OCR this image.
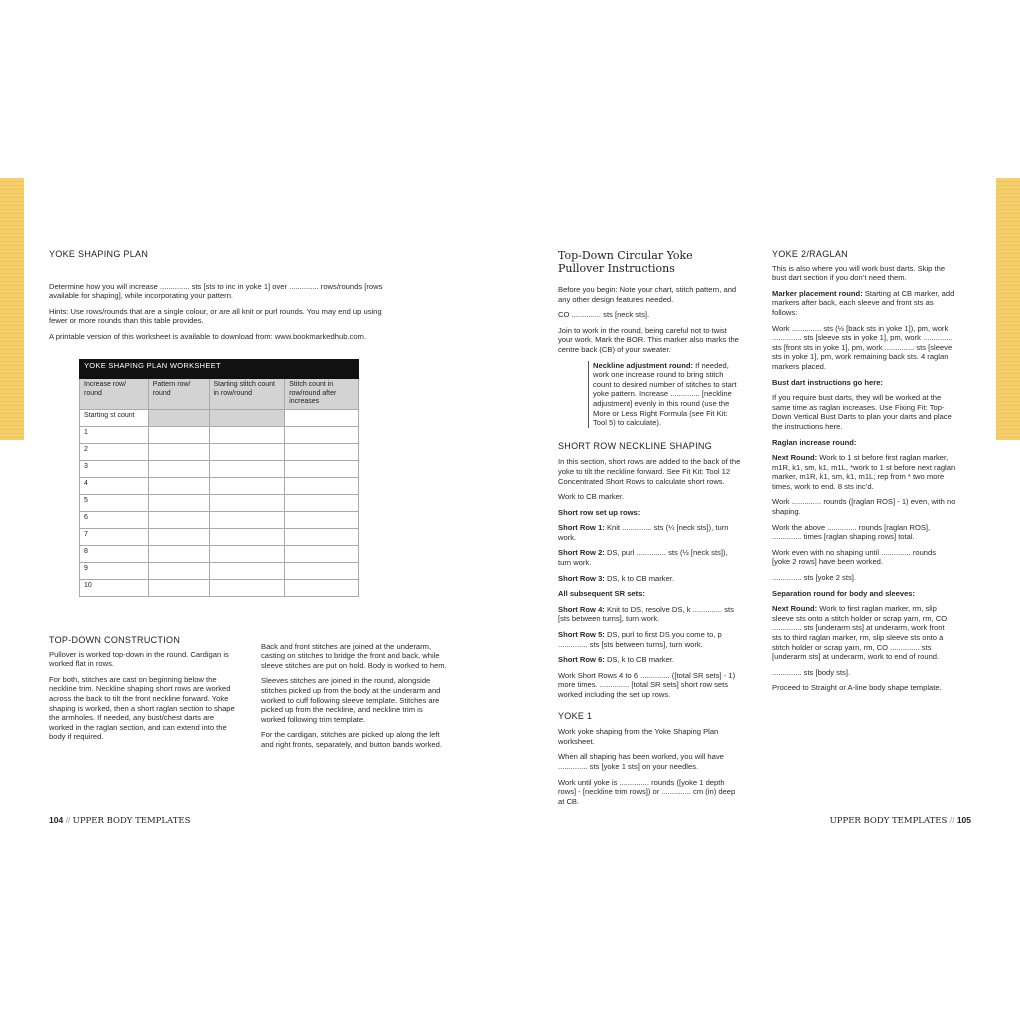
YOKE SHAPING PLAN

Determine how you will increase .............. sts [sts to inc in yoke 1] over .............. rows/rounds [rows available for shaping], while incorporating your pattern.

Hints: Use rows/rounds that are a single colour, or are all knit or purl rounds. You may end up using fewer or more rounds than this table provides.

A printable version of this worksheet is available to download from: www.bookmarkedhub.com.

YOKE SHAPING PLAN WORKSHEET			
Increase row/ round	Pattern row/ round	Starting stitch count in row/round	Stitch count in row/round after increases
Starting st count			
1			
2			
3			
4			
5			
6			
7			
8			
9			
10			
TOP-DOWN CONSTRUCTION

Pullover is worked top-down in the round. Cardigan is worked flat in rows.

For both, stitches are cast on beginning below the neckline trim. Neckline shaping short rows are worked across the back to tilt the front neckline forward. Yoke shaping is worked, then a short raglan section to shape the armholes. If needed, any bust/chest darts are worked in the raglan section, and can extend into the body if required.

Back and front stitches are joined at the underarm, casting on stitches to bridge the front and back, while sleeve stitches are put on hold. Body is worked to hem.

Sleeves stitches are joined in the round, alongside stitches picked up from the body at the underarm and worked to cuff following sleeve template. Stitches are picked up from the neckline, and neckline trim is worked following trim template.

For the cardigan, stitches are picked up along the left and right fronts, separately, and button bands worked.

104 // UPPER BODY TEMPLATES
Top-Down Circular Yoke Pullover Instructions

Before you begin: Note your chart, stitch pattern, and any other design features needed.

CO .............. sts [neck sts].

Join to work in the round, being careful not to twist your work. Mark the BOR. This marker also marks the centre back (CB) of your sweater.

Neckline adjustment round: If needed, work one increase round to bring stitch count to desired number of stitches to start yoke pattern. Increase .............. [neckline adjustment] evenly in this round (use the More or Less Right Formula (see Fit Kit: Tool 5) to calculate).

SHORT ROW NECKLINE SHAPING

In this section, short rows are added to the back of the yoke to tilt the neckline forward. See Fit Kit: Tool 12 Concentrated Short Rows to calculate short rows.

Work to CB marker.

Short row set up rows:

Short Row 1: Knit .............. sts (¼ [neck sts]), turn work.

Short Row 2: DS, purl .............. sts (½ [neck sts]), turn work.

Short Row 3: DS, k to CB marker.

All subsequent SR sets:

Short Row 4: Knit to DS, resolve DS, k .............. sts [sts between turns], turn work.

Short Row 5: DS, purl to first DS you come to, p .............. sts [sts between turns], turn work.

Short Row 6: DS, k to CB marker.

Work Short Rows 4 to 6 .............. ([total SR sets] - 1) more times. .............. [total SR sets] short row sets worked including the set up rows.

YOKE 1

Work yoke shaping from the Yoke Shaping Plan worksheet.

When all shaping has been worked, you will have .............. sts [yoke 1 sts] on your needles.

Work until yoke is .............. rounds ([yoke 1 depth rows] - [neckline trim rows]) or .............. cm (in) deep at CB.

YOKE 2/RAGLAN

This is also where you will work bust darts. Skip the bust dart section if you don’t need them.

Marker placement round: Starting at CB marker, add markers after back, each sleeve and front sts as follows:

Work .............. sts (½ [back sts in yoke 1]), pm, work .............. sts [sleeve sts in yoke 1], pm, work .............. sts [front sts in yoke 1], pm, work .............. sts [sleeve sts in yoke 1], pm, work remaining back sts. 4 raglan markers placed.

Bust dart instructions go here:

If you require bust darts, they will be worked at the same time as raglan increases. Use Fixing Fit: Top-Down Vertical Bust Darts to plan your darts and place the instructions here.

Raglan increase round:

Next Round: Work to 1 st before first raglan marker, m1R, k1, sm, k1, m1L, *work to 1 st before next raglan marker, m1R, k1, sm, k1, m1L; rep from * two more times, work to end. 8 sts inc’d.

Work .............. rounds ([raglan ROS] - 1) even, with no shaping.

Work the above .............. rounds [raglan ROS], .............. times [raglan shaping rows] total.

Work even with no shaping until .............. rounds [yoke 2 rows] have been worked.

.............. sts [yoke 2 sts].

Separation round for body and sleeves:

Next Round: Work to first raglan marker, rm, slip sleeve sts onto a stitch holder or scrap yarn, rm, CO .............. sts [underarm sts] at underarm, work front sts to third raglan marker, rm, slip sleeve sts onto a stitch holder or scrap yarn, rm, CO .............. sts [underarm sts] at underarm, work to end of round.

.............. sts [body sts].

Proceed to Straight or A-line body shape template.

UPPER BODY TEMPLATES // 105
